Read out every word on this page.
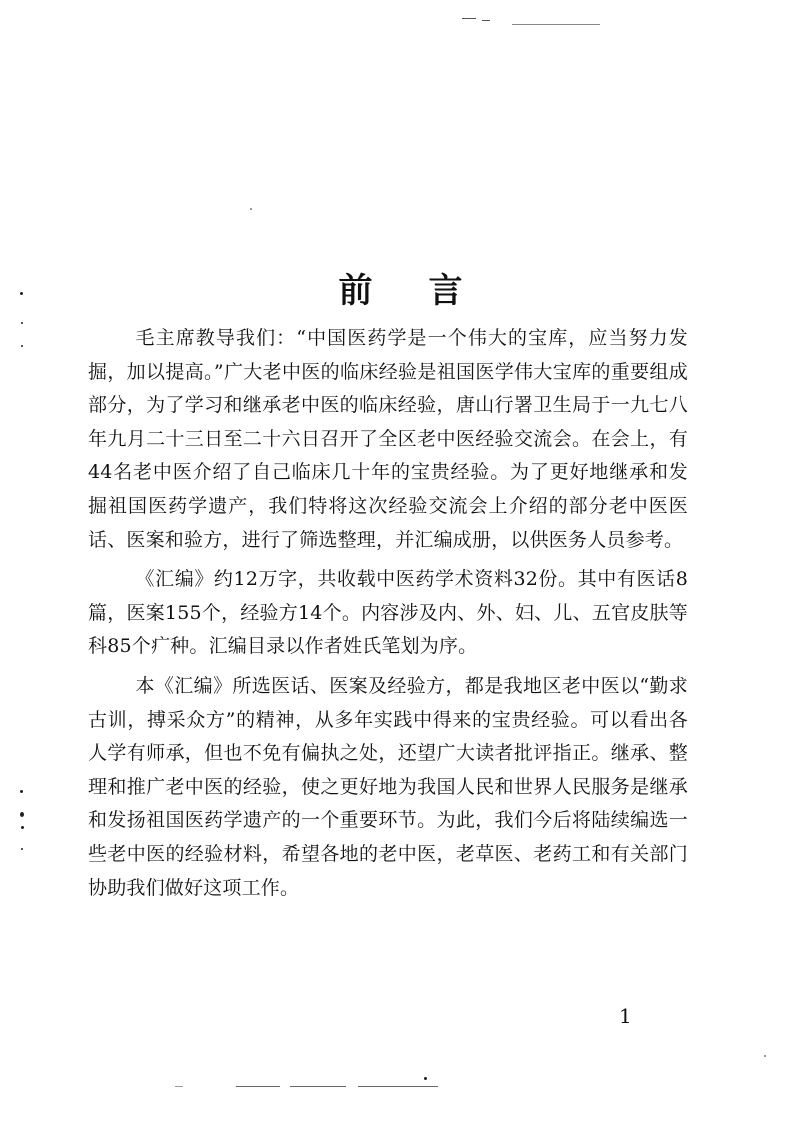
前 言

毛主席教导我们：“中国医药学是一个伟大的宝库，应当努力发掘，加以提高。”广大老中医的临床经验是祖国医学伟大宝库的重要组成部分，为了学习和继承老中医的临床经验，唐山行署卫生局于一九七八年九月二十三日至二十六日召开了全区老中医经验交流会。在会上，有44名老中医介绍了自己临床几十年的宝贵经验。为了更好地继承和发掘祖国医药学遗产，我们特将这次经验交流会上介绍的部分老中医医话、医案和验方，进行了筛选整理，并汇编成册，以供医务人员参考。

《汇编》约12万字，共收载中医药学术资料32份。其中有医话8篇，医案155个，经验方14个。内容涉及内、外、妇、儿、五官皮肤等科85个疒种。汇编目录以作者姓氏笔划为序。

本《汇编》所选医话、医案及经验方，都是我地区老中医以“勤求古训，搏采众方”的精神，从多年实践中得来的宝贵经验。可以看出各人学有师承，但也不免有偏执之处，还望广大读者批评指正。继承、整理和推广老中医的经验，使之更好地为我国人民和世界人民服务是继承和发扬祖国医药学遗产的一个重要环节。为此，我们今后将陆续编选一些老中医的经验材料，希望各地的老中医，老草医、老药工和有关部门协助我们做好这项工作。

1
